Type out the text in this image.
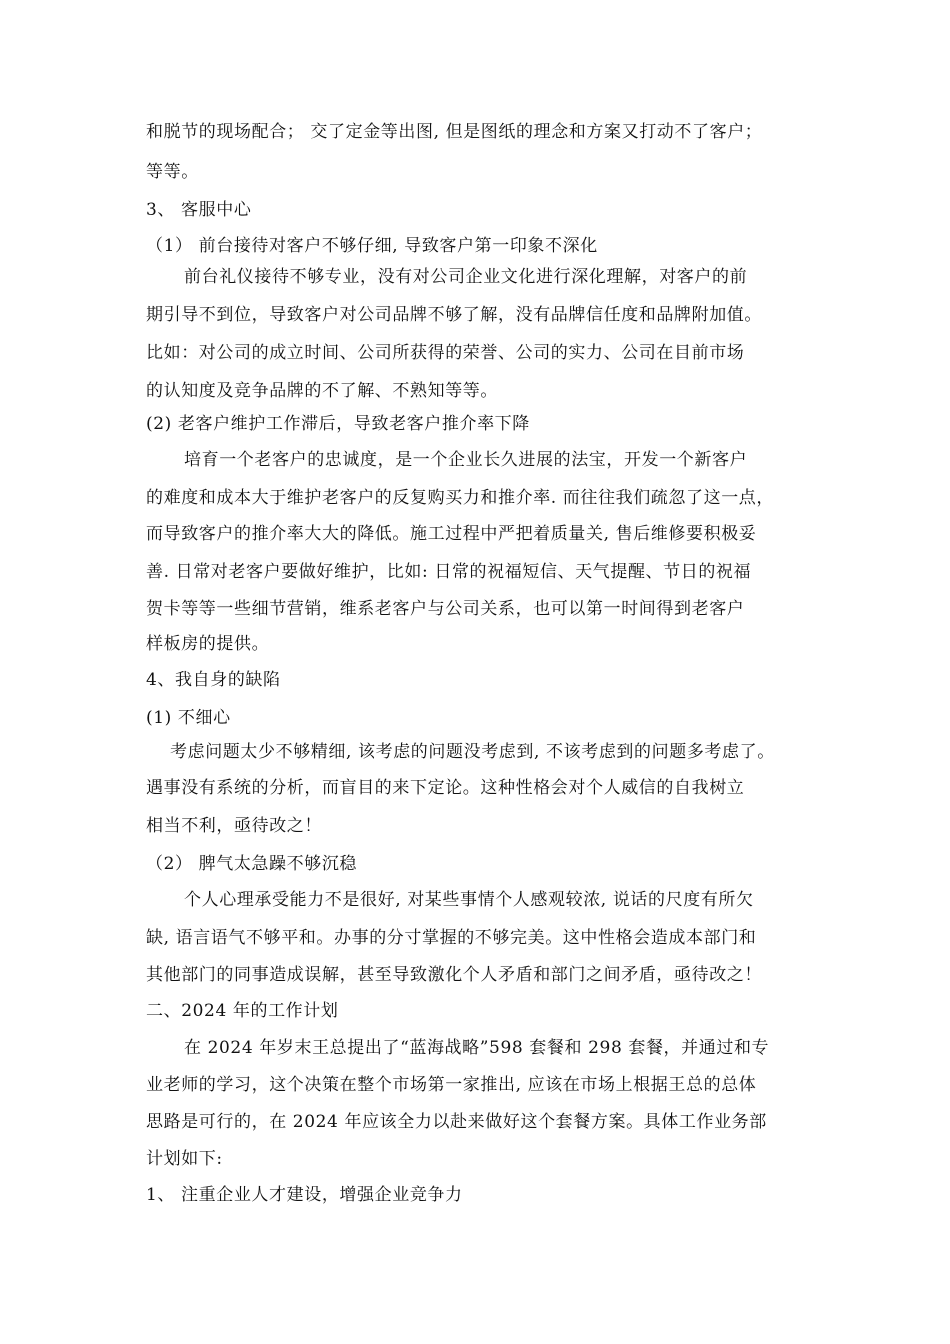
和脱节的现场配合； 交了定金等出图, 但是图纸的理念和方案又打动不了客户；

等等。

3、 客服中心

（1） 前台接待对客户不够仔细, 导致客户第一印象不深化

前台礼仪接待不够专业，没有对公司企业文化进行深化理解，对客户的前

期引导不到位，导致客户对公司品牌不够了解，没有品牌信任度和品牌附加值。

比如：对公司的成立时间、公司所获得的荣誉、公司的实力、公司在目前市场

的认知度及竞争品牌的不了解、不熟知等等。

(2) 老客户维护工作滞后，导致老客户推介率下降

培育一个老客户的忠诚度，是一个企业长久进展的法宝，开发一个新客户

的难度和成本大于维护老客户的反复购买力和推介率. 而往往我们疏忽了这一点，

而导致客户的推介率大大的降低。施工过程中严把着质量关, 售后维修要积极妥

善. 日常对老客户要做好维护，比如: 日常的祝福短信、天气提醒、节日的祝福

贺卡等等一些细节营销，维系老客户与公司关系，也可以第一时间得到老客户

样板房的提供。

4、我自身的缺陷

(1) 不细心

考虑问题太少不够精细, 该考虑的问题没考虑到, 不该考虑到的问题多考虑了。

遇事没有系统的分析，而盲目的来下定论。这种性格会对个人威信的自我树立

相当不利，亟待改之！

（2） 脾气太急躁不够沉稳

个人心理承受能力不是很好, 对某些事情个人感观较浓, 说话的尺度有所欠

缺, 语言语气不够平和。办事的分寸掌握的不够完美。这中性格会造成本部门和

其他部门的同事造成误解，甚至导致激化个人矛盾和部门之间矛盾，亟待改之！

二、2024 年的工作计划

在 2024 年岁末王总提出了“蓝海战略”598 套餐和 298 套餐，并通过和专

业老师的学习，这个决策在整个市场第一家推出, 应该在市场上根据王总的总体

思路是可行的，在 2024 年应该全力以赴来做好这个套餐方案。具体工作业务部

计划如下:

1、 注重企业人才建设，增强企业竞争力
